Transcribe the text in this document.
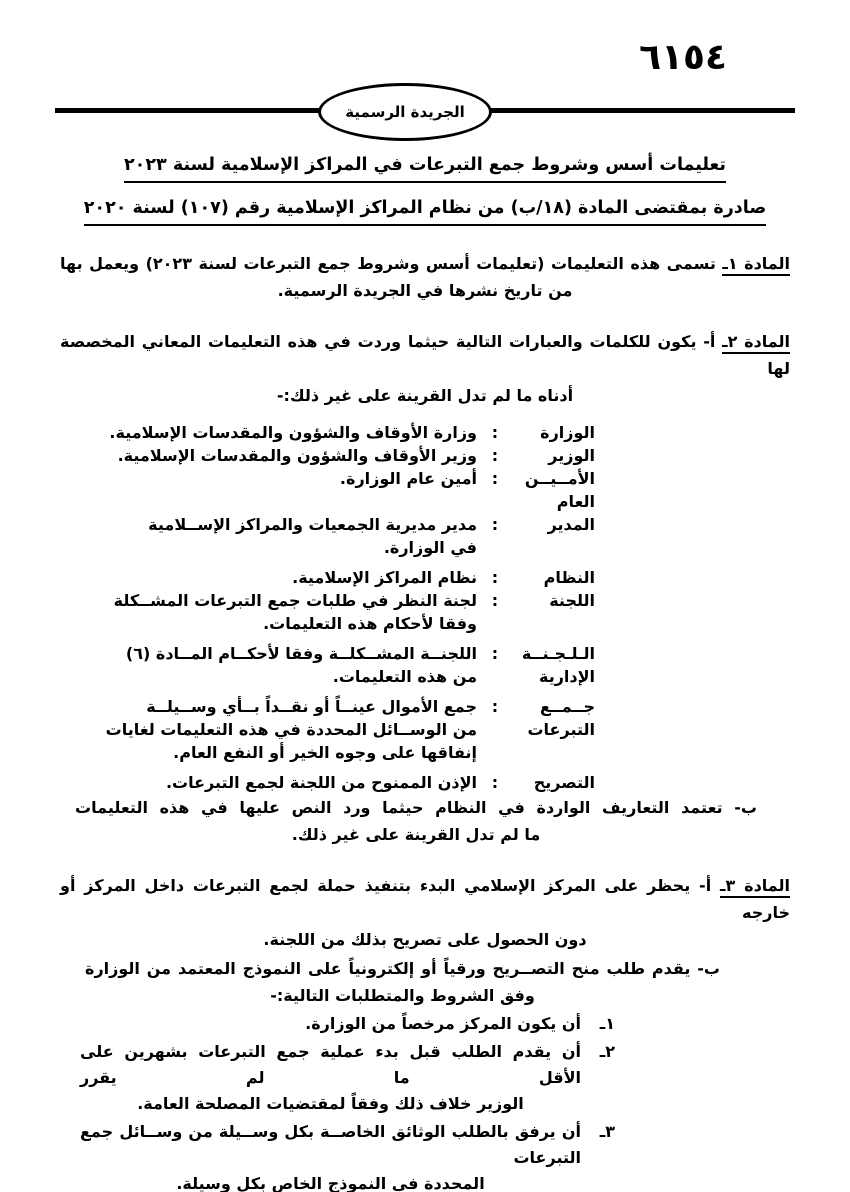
٦١٥٤
الجريدة الرسمية
تعليمات أسس وشروط جمع التبرعات في المراكز الإسلامية لسنة ٢٠٢٣
صادرة بمقتضى المادة (١٨/ب) من نظام المراكز الإسلامية رقم (١٠٧) لسنة ٢٠٢٠
المادة ١ـ تسمى هذه التعليمات (تعليمات أسس وشروط جمع التبرعات لسنة ٢٠٢٣) ويعمل بها
من تاريخ نشرها في الجريدة الرسمية.
المادة ٢ـ أ- يكون للكلمات والعبارات التالية حيثما وردت في هذه التعليمات المعاني المخصصة لها
أدناه ما لم تدل القرينة على غير ذلك:-
الوزارة
:
وزارة الأوقاف والشؤون والمقدسات الإسلامية.
الوزير
:
وزير الأوقاف والشؤون والمقدسات الإسلامية.
الأمــيــن
العام
:
أمين عام الوزارة.
المدير
:
مدير مديرية الجمعيات والمراكز الإســلامية
في الوزارة.
النظام
:
نظام المراكز الإسلامية.
اللجنة
:
لجنة النظر في طلبات جمع التبرعات المشــكلة
وفقا لأحكام هذه التعليمات.
الـلـجـنــة
الإدارية
:
اللجنــة المشــكلــة وفقا لأحكــام المــادة (٦)
من هذه التعليمات.
جــمــع
التبرعات
:
جمع الأموال عينــاً أو نقــداً بــأي وســيلــة
من الوســائل المحددة في هذه التعليمات لغايات
إنفاقها على وجوه الخير أو النفع العام.
التصريح
:
الإذن الممنوح من اللجنة لجمع التبرعات.
ب- تعتمد التعاريف الواردة في النظام حيثما ورد النص عليها في هذه التعليمات
ما لم تدل القرينة على غير ذلك.
المادة ٣ـ أ- يحظر على المركز الإسلامي البدء بتنفيذ حملة لجمع التبرعات داخل المركز أو خارجه
دون الحصول على تصريح بذلك من اللجنة.
ب- يقدم طلب منح التصــريح ورقياً أو إلكترونياً على النموذج المعتمد من الوزارة
وفق الشروط والمتطلبات التالية:-
١ـ
أن يكون المركز مرخصاً من الوزارة.
٢ـ
أن يقدم الطلب قبل بدء عملية جمع التبرعات بشهرين على الأقل ما لم يقرر
الوزير خلاف ذلك وفقاً لمقتضيات المصلحة العامة.
٣ـ
أن يرفق بالطلب الوثائق الخاصــة بكل وســيلة من وســائل جمع التبرعات
المحددة في النموذج الخاص بكل وسيلة.
